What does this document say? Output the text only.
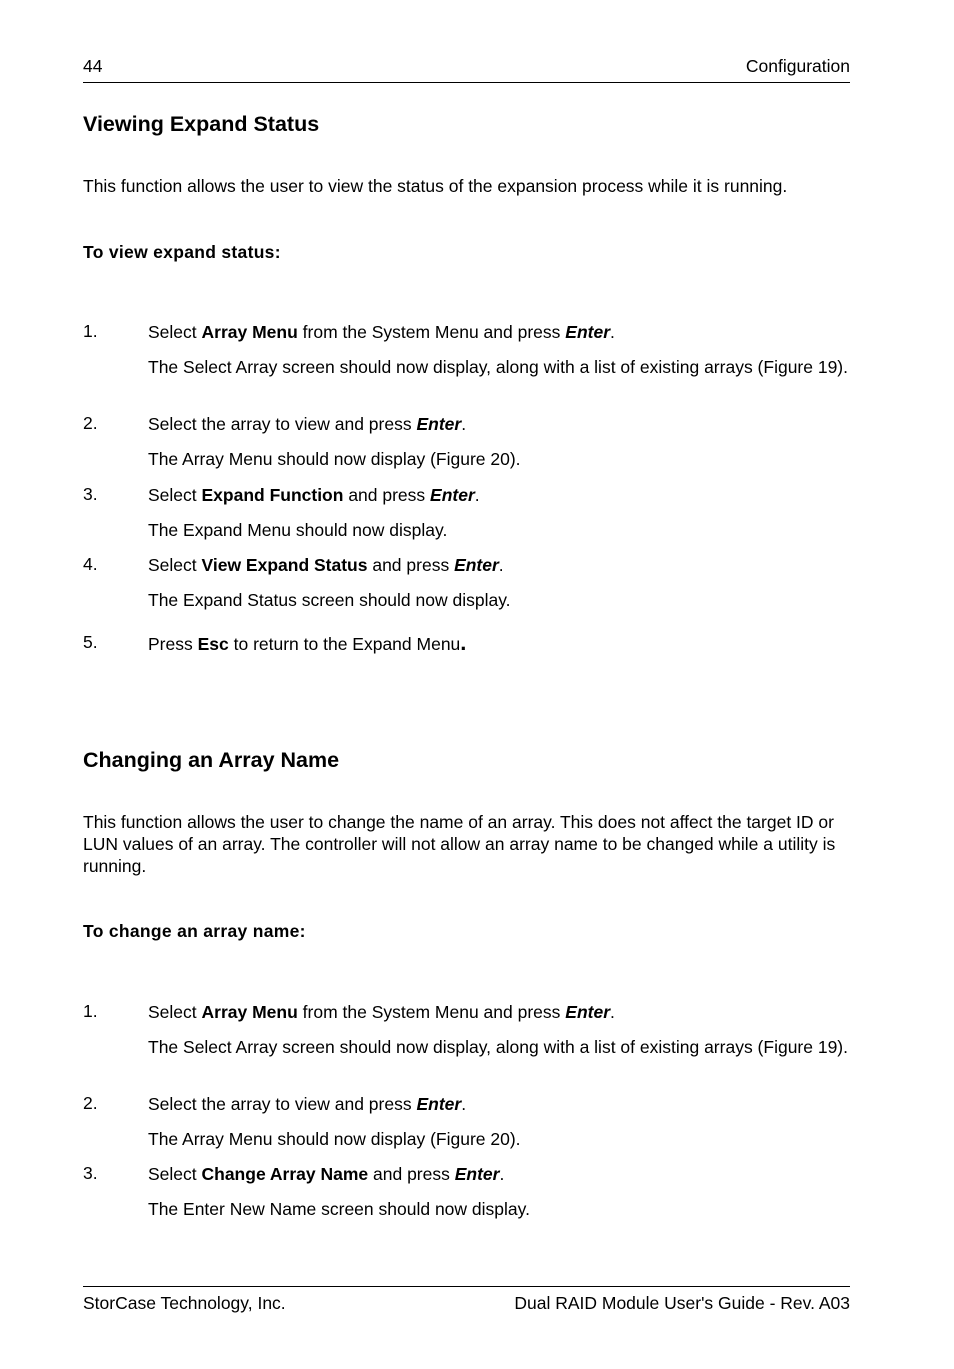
44	Configuration
Viewing Expand Status
This function allows the user to view the status of the expansion process while it is running.
To view expand status:
1.	Select Array Menu from the System Menu and press Enter.
The Select Array screen should now display, along with a list of existing arrays (Figure 19).
2.	Select the array to view and press Enter.
The Array Menu should now display (Figure 20).
3.	Select Expand Function and press Enter.
The Expand Menu should now display.
4.	Select View Expand Status and press Enter.
The Expand Status screen should now display.
5.	Press Esc to return to the Expand Menu.
Changing an Array Name
This function allows the user to change the name of an array. This does not affect the target ID or LUN values of an array. The controller will not allow an array name to be changed while a utility is running.
To change an array name:
1.	Select Array Menu from the System Menu and press Enter.
The Select Array screen should now display, along with a list of existing arrays (Figure 19).
2.	Select the array to view and press Enter.
The Array Menu should now display (Figure 20).
3.	Select Change Array Name and press Enter.
The Enter New Name screen should now display.
StorCase Technology, Inc.	Dual RAID Module User's Guide - Rev. A03
